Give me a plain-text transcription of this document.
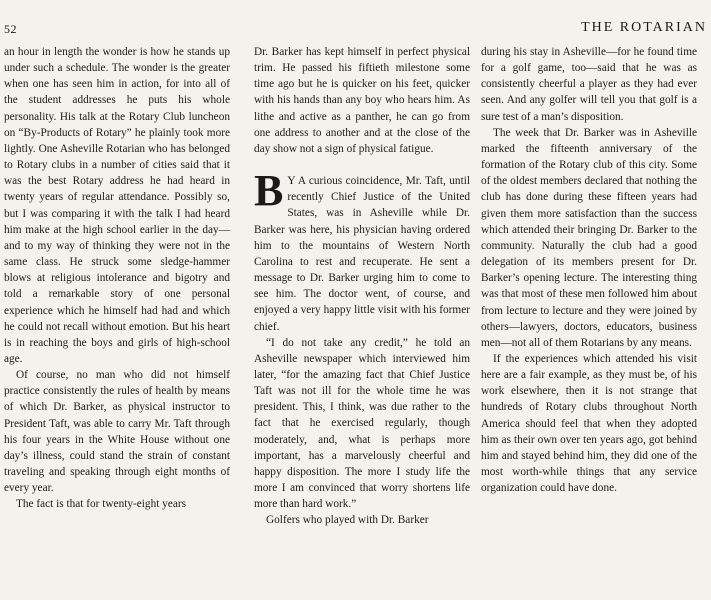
52	THE ROTARIAN

an hour in length the wonder is how he stands up under such a schedule. The wonder is the greater when one has seen him in action, for into all of the student addresses he puts his whole personality. His talk at the Rotary Club luncheon on “By-Products of Rotary” he plainly took more lightly. One Asheville Rotarian who has belonged to Rotary clubs in a number of cities said that it was the best Rotary address he had heard in twenty years of regular attendance. Possibly so, but I was comparing it with the talk I had heard him make at the high school earlier in the day—and to my way of thinking they were not in the same class. He struck some sledge-hammer blows at religious intolerance and bigotry and told a remarkable story of one personal experience which he himself had had and which he could not recall without emotion. But his heart is in reaching the boys and girls of high-school age.

Of course, no man who did not himself practice consistently the rules of health by means of which Dr. Barker, as physical instructor to President Taft, was able to carry Mr. Taft through his four years in the White House without one day’s illness, could stand the strain of constant traveling and speaking through eight months of every year.

The fact is that for twenty-eight years

Dr. Barker has kept himself in perfect physical trim. He passed his fiftieth milestone some time ago but he is quicker on his feet, quicker with his hands than any boy who hears him. As lithe and active as a panther, he can go from one address to another and at the close of the day show not a sign of physical fatigue.

B Y A curious coincidence, Mr. Taft, until recently Chief Justice of the United States, was in Asheville while Dr. Barker was here, his physician having ordered him to the mountains of Western North Carolina to rest and recuperate. He sent a message to Dr. Barker urging him to come to see him. The doctor went, of course, and enjoyed a very happy little visit with his former chief.

“I do not take any credit,” he told an Asheville newspaper which interviewed him later, “for the amazing fact that Chief Justice Taft was not ill for the whole time he was president. This, I think, was due rather to the fact that he exercised regularly, though moderately, and, what is perhaps more important, has a marvelously cheerful and happy disposition. The more I study life the more I am convinced that worry shortens life more than hard work.”

Golfers who played with Dr. Barker

during his stay in Asheville—for he found time for a golf game, too—said that he was as consistently cheerful a player as they had ever seen. And any golfer will tell you that golf is a sure test of a man’s disposition.

The week that Dr. Barker was in Asheville marked the fifteenth anniversary of the formation of the Rotary club of this city. Some of the oldest members declared that nothing the club has done during these fifteen years had given them more satisfaction than the success which attended their bringing Dr. Barker to the community. Naturally the club had a good delegation of its members present for Dr. Barker’s opening lecture. The interesting thing was that most of these men followed him about from lecture to lecture and they were joined by others—lawyers, doctors, educators, business men—not all of them Rotarians by any means.

If the experiences which attended his visit here are a fair example, as they must be, of his work elsewhere, then it is not strange that hundreds of Rotary clubs throughout North America should feel that when they adopted him as their own over ten years ago, got behind him and stayed behind him, they did one of the most worth-while things that any service organization could have done.
